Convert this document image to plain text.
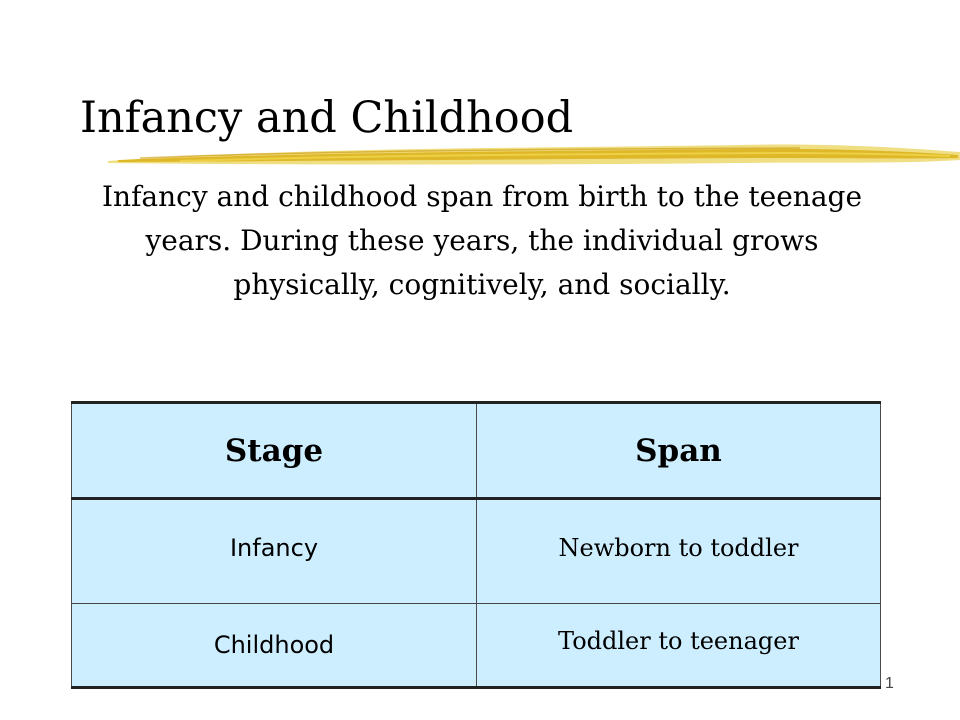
Infancy and Childhood
Infancy and childhood span from birth to the teenage years. During these years, the individual grows physically, cognitively, and socially.
Stage	Span
Infancy	Newborn to toddler
Childhood	Toddler to teenager
1
